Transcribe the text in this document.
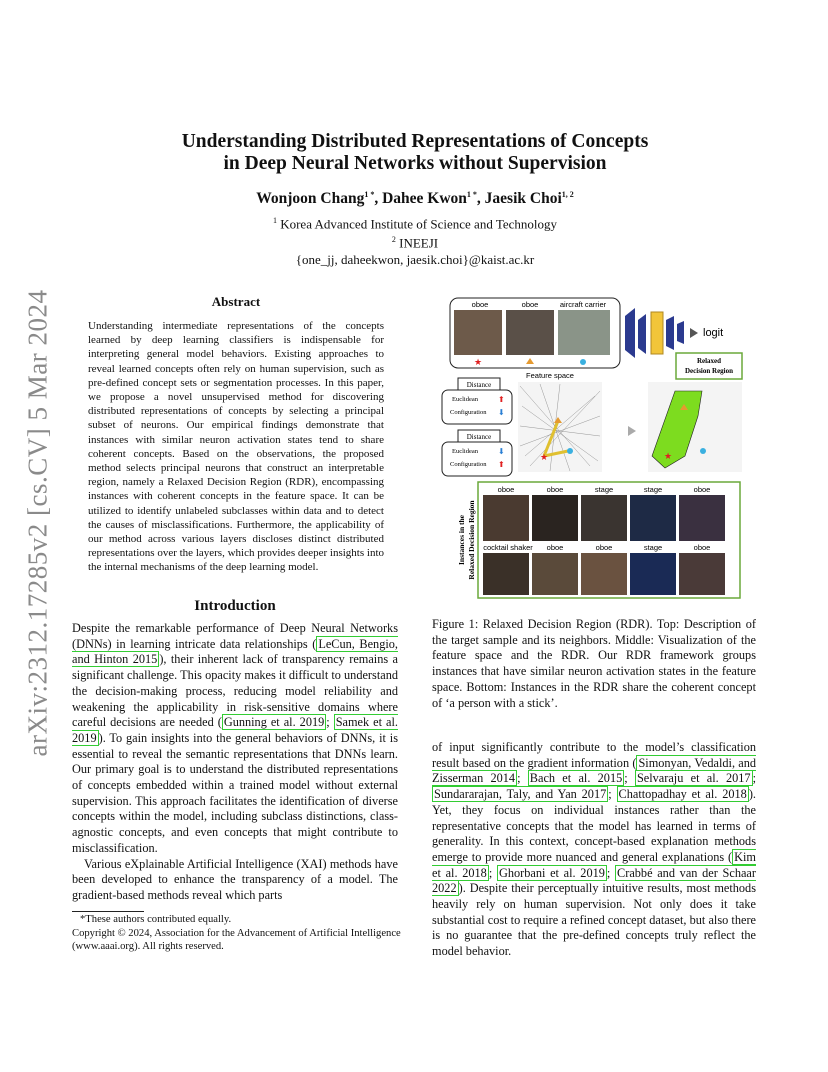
arXiv:2312.17285v2 [cs.CV] 5 Mar 2024
Understanding Distributed Representations of Concepts
in Deep Neural Networks without Supervision
Wonjoon Chang$^{1 *}$, Dahee Kwon$^{1 *}$, Jaesik Choi$^{1, 2}$
$^1$ Korea Advanced Institute of Science and Technology
$^2$ INEEJI
{one_jj, daheekwon, jaesik.choi}@kaist.ac.kr
Abstract
Understanding intermediate representations of the concepts learned by deep learning classifiers is indispensable for interpreting general model behaviors. Existing approaches to reveal learned concepts often rely on human supervision, such as pre-defined concept sets or segmentation processes. In this paper, we propose a novel unsupervised method for discovering distributed representations of concepts by selecting a principal subset of neurons. Our empirical findings demonstrate that instances with similar neuron activation states tend to share coherent concepts. Based on the observations, the proposed method selects principal neurons that construct an interpretable region, namely a Relaxed Decision Region (RDR), encompassing instances with coherent concepts in the feature space. It can be utilized to identify unlabeled subclasses within data and to detect the causes of misclassifications. Furthermore, the applicability of our method across various layers discloses distinct distributed representations over the layers, which provides deeper insights into the internal mechanisms of the deep learning model.
Introduction

Despite the remarkable performance of Deep Neural Networks (DNNs) in learning intricate data relationships ( LeCun, Bengio, and Hinton 2015 ), their inherent lack of transparency remains a significant challenge. This opacity makes it difficult to understand the decision-making process, reducing model reliability and weakening the applicability in risk-sensitive domains where careful decisions are needed ( Gunning et al. 2019 ; Samek et al. 2019 ). To gain insights into the general behaviors of DNNs, it is essential to reveal the semantic representations that DNNs learn. Our primary goal is to understand the distributed representations of concepts embedded within a trained model without external supervision. This approach facilitates the identification of diverse concepts within the model, including subclass distinctions, class-agnostic concepts, and even concepts that might contribute to misclassification.

Various eXplainable Artificial Intelligence (XAI) methods have been developed to enhance the transparency of a model. The gradient-based methods reveal which parts

*These authors contributed equally.
Copyright © 2024, Association for the Advancement of Artificial Intelligence (www.aaai.org). All rights reserved.
oboe	oboe	aircraft carrier
★
logit
Relaxed
Decision Region
Feature space
★	★
Distance
Euclidean	⬆
Configuration ⬇
Distance
Euclidean	⬇
Configuration ⬆
Instances in the Relaxed Decision Region
oboe	oboe	stage	stage	oboe
cocktail shaker oboe	oboe	stage	oboe
Figure 1: Relaxed Decision Region (RDR). Top: Description of the target sample and its neighbors. Middle: Visualization of the feature space and the RDR. Our RDR framework groups instances that have similar neuron activation states in the feature space. Bottom: Instances in the RDR share the coherent concept of ‘a person with a stick’.

of input significantly contribute to the model’s classification result based on the gradient information ( Simonyan, Vedaldi, and Zisserman 2014 ; Bach et al. 2015 ; Selvaraju et al. 2017 ; Sundararajan, Taly, and Yan 2017 ; Chattopadhay et al. 2018 ). Yet, they focus on individual instances rather than the representative concepts that the model has learned in terms of generality. In this context, concept-based explanation methods emerge to provide more nuanced and general explanations ( Kim et al. 2018 ; Ghorbani et al. 2019 ; Crabbé and van der Schaar 2022 ). Despite their perceptually intuitive results, most methods heavily rely on human supervision. Not only does it take substantial cost to require a refined concept dataset, but also there is no guarantee that the pre-defined concepts truly reflect the model behavior.
